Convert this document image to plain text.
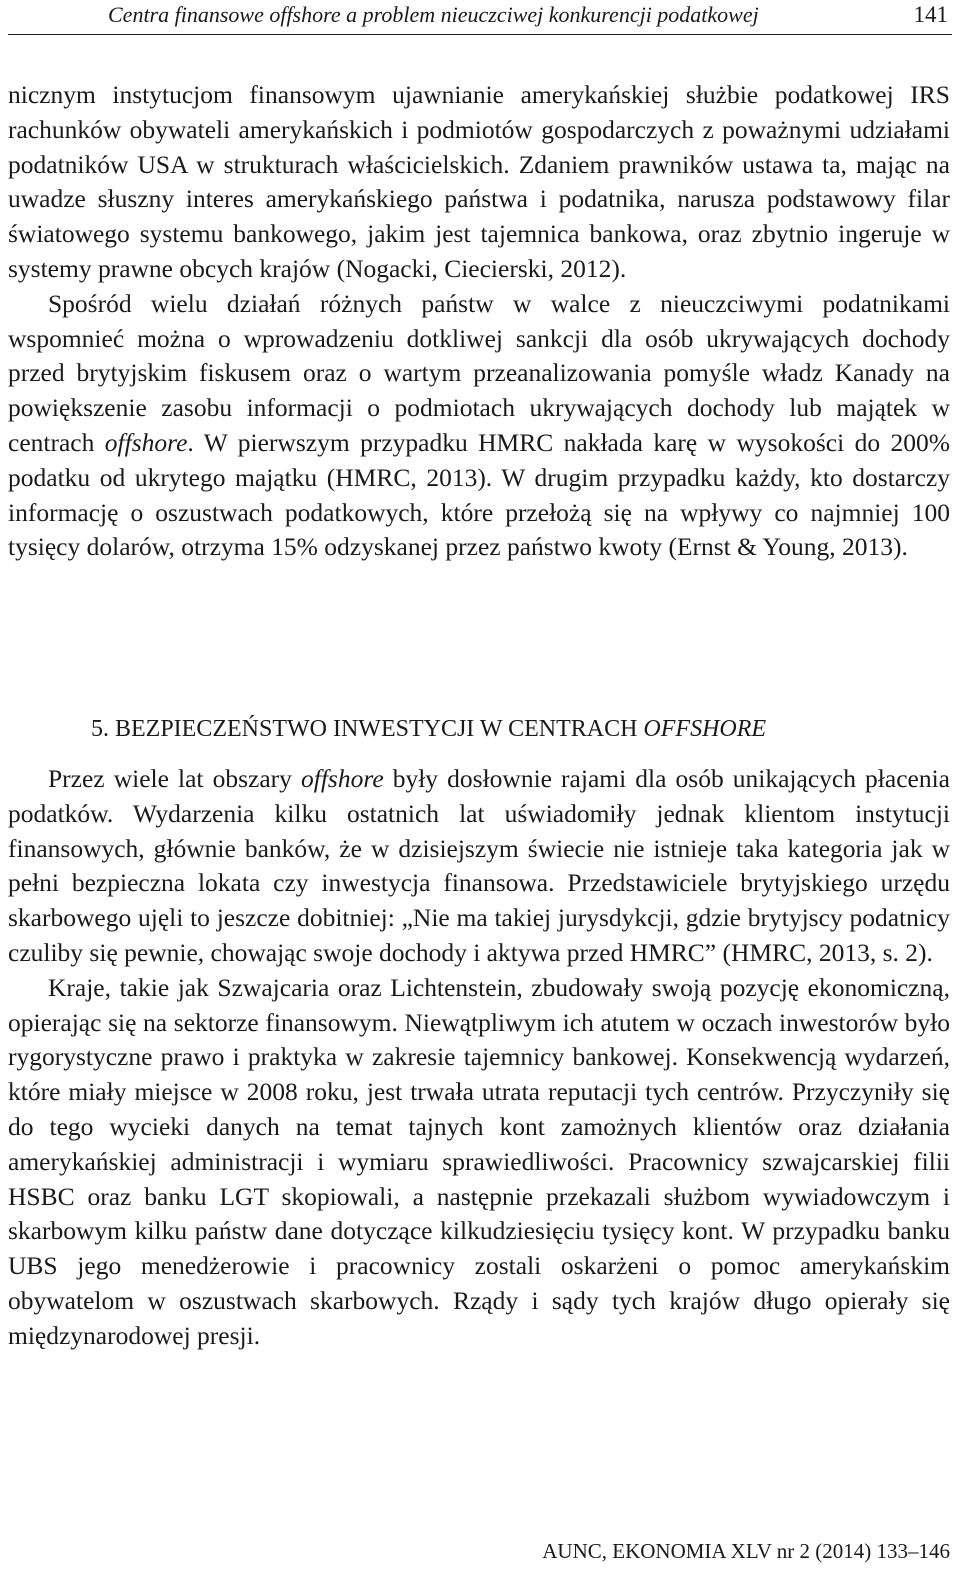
Centra finansowe offshore a problem nieuczciwej konkurencji podatkowej	141

nicznym instytucjom finansowym ujawnianie amerykańskiej służbie podatkowej IRS rachunków obywateli amerykańskich i podmiotów gospodarczych z poważnymi udziałami podatników USA w strukturach właścicielskich. Zdaniem prawników ustawa ta, mając na uwadze słuszny interes amerykańskiego państwa i podatnika, narusza podstawowy filar światowego systemu bankowego, jakim jest tajemnica bankowa, oraz zbytnio ingeruje w systemy prawne obcych krajów (Nogacki, Ciecierski, 2012).

Spośród wielu działań różnych państw w walce z nieuczciwymi podatnikami wspomnieć można o wprowadzeniu dotkliwej sankcji dla osób ukrywających dochody przed brytyjskim fiskusem oraz o wartym przeanalizowania pomyśle władz Kanady na powiększenie zasobu informacji o podmiotach ukrywających dochody lub majątek w centrach offshore. W pierwszym przypadku HMRC nakłada karę w wysokości do 200% podatku od ukrytego majątku (HMRC, 2013). W drugim przypadku każdy, kto dostarczy informację o oszustwach podatkowych, które przełożą się na wpływy co najmniej 100 tysięcy dolarów, otrzyma 15% odzyskanej przez państwo kwoty (Ernst & Young, 2013).

5. BEZPIECZEŃSTWO INWESTYCJI W CENTRACH OFFSHORE

Przez wiele lat obszary offshore były dosłownie rajami dla osób unikających płacenia podatków. Wydarzenia kilku ostatnich lat uświadomiły jednak klientom instytucji finansowych, głównie banków, że w dzisiejszym świecie nie istnieje taka kategoria jak w pełni bezpieczna lokata czy inwestycja finansowa. Przedstawiciele brytyjskiego urzędu skarbowego ujęli to jeszcze dobitniej: „Nie ma takiej jurysdykcji, gdzie brytyjscy podatnicy czuliby się pewnie, chowając swoje dochody i aktywa przed HMRC” (HMRC, 2013, s. 2).

Kraje, takie jak Szwajcaria oraz Lichtenstein, zbudowały swoją pozycję ekonomiczną, opierając się na sektorze finansowym. Niewątpliwym ich atutem w oczach inwestorów było rygorystyczne prawo i praktyka w zakresie tajemnicy bankowej. Konsekwencją wydarzeń, które miały miejsce w 2008 roku, jest trwała utrata reputacji tych centrów. Przyczyniły się do tego wycieki danych na temat tajnych kont zamożnych klientów oraz działania amerykańskiej administracji i wymiaru sprawiedliwości. Pracownicy szwajcarskiej filii HSBC oraz banku LGT skopiowali, a następnie przekazali służbom wywiadowczym i skarbowym kilku państw dane dotyczące kilkudziesięciu tysięcy kont. W przypadku banku UBS jego menedżerowie i pracownicy zostali oskarżeni o pomoc amerykańskim obywatelom w oszustwach skarbowych. Rządy i sądy tych krajów długo opierały się międzynarodowej presji.

AUNC, EKONOMIA XLV nr 2 (2014) 133–146
